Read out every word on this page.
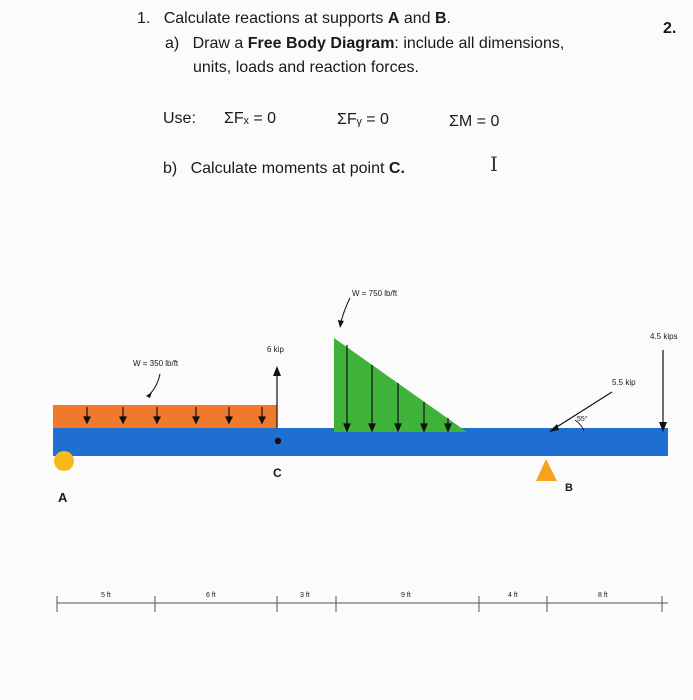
2.
1. Calculate reactions at supports A and B.
a) Draw a Free Body Diagram: include all dimensions,
units, loads and reaction forces.
Use: ΣFₓ = 0	ΣFᵧ = 0	ΣM = 0
b) Calculate moments at point C.	I
W = 350 lb/ft
W = 750 lb/ft
6 kip
4.5 kips
5.5 kip
55°
A
B
C
5 ft	6 ft	3 ft	9 ft	4 ft	8 ft
